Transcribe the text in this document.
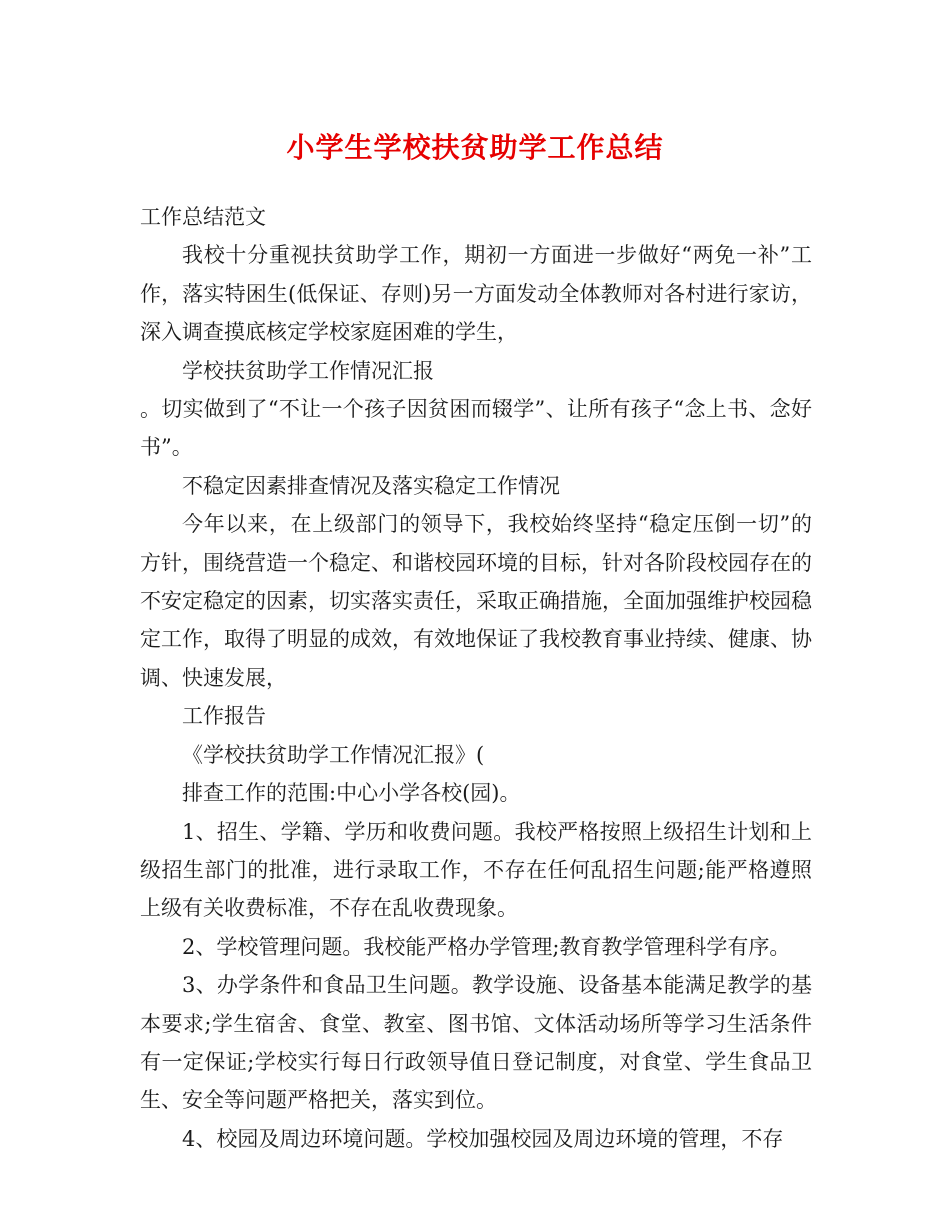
小学生学校扶贫助学工作总结

工作总结范文

我校十分重视扶贫助学工作，期初一方面进一步做好“两免一补”工作，落实特困生(低保证、存则)另一方面发动全体教师对各村进行家访，深入调查摸底核定学校家庭困难的学生，

学校扶贫助学工作情况汇报

。切实做到了“不让一个孩子因贫困而辍学”、让所有孩子“念上书、念好书”。

不稳定因素排查情况及落实稳定工作情况

今年以来，在上级部门的领导下，我校始终坚持“稳定压倒一切”的方针，围绕营造一个稳定、和谐校园环境的目标，针对各阶段校园存在的不安定稳定的因素，切实落实责任，采取正确措施，全面加强维护校园稳定工作，取得了明显的成效，有效地保证了我校教育事业持续、健康、协调、快速发展，

工作报告

《学校扶贫助学工作情况汇报》(

排查工作的范围:中心小学各校(园)。

1、招生、学籍、学历和收费问题。我校严格按照上级招生计划和上级招生部门的批准，进行录取工作，不存在任何乱招生问题;能严格遵照上级有关收费标准，不存在乱收费现象。

2、学校管理问题。我校能严格办学管理;教育教学管理科学有序。

3、办学条件和食品卫生问题。教学设施、设备基本能满足教学的基本要求;学生宿舍、食堂、教室、图书馆、文体活动场所等学习生活条件有一定保证;学校实行每日行政领导值日登记制度，对食堂、学生食品卫生、安全等问题严格把关，落实到位。

4、校园及周边环境问题。学校加强校园及周边环境的管理，不存
